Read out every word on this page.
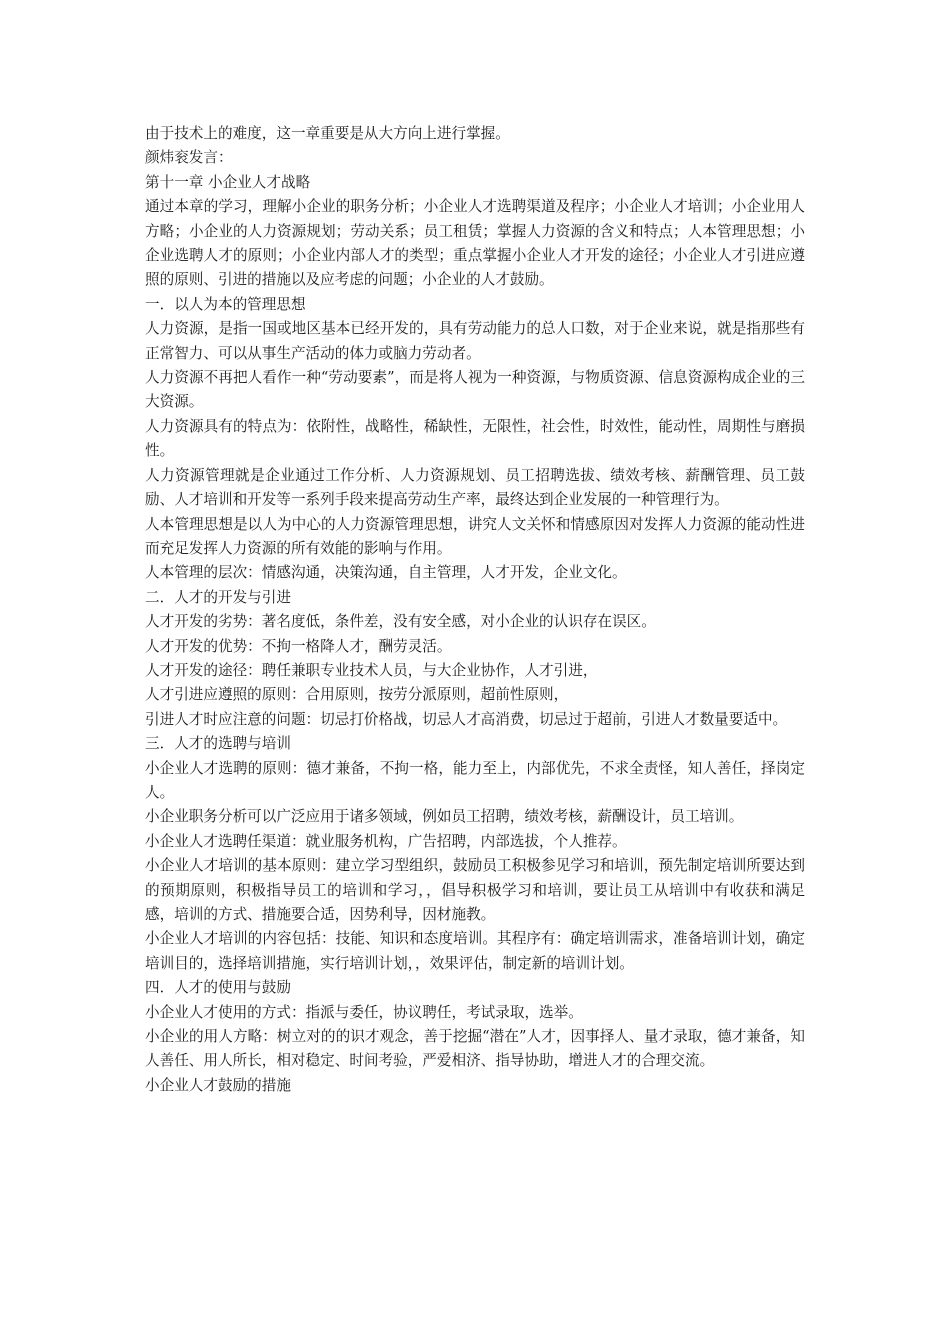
由于技术上的难度，这一章重要是从大方向上进行掌握。

颜炜衮发言：

第十一章 小企业人才战略

通过本章的学习，理解小企业的职务分析；小企业人才选聘渠道及程序；小企业人才培训；小企业用人方略；小企业的人力资源规划；劳动关系；员工租赁；掌握人力资源的含义和特点；人本管理思想；小企业选聘人才的原则；小企业内部人才的类型；重点掌握小企业人才开发的途径；小企业人才引进应遵照的原则、引进的措施以及应考虑的问题；小企业的人才鼓励。

一．以人为本的管理思想

人力资源，是指一国或地区基本已经开发的，具有劳动能力的总人口数，对于企业来说，就是指那些有正常智力、可以从事生产活动的体力或脑力劳动者。

人力资源不再把人看作一种“劳动要素”，而是将人视为一种资源，与物质资源、信息资源构成企业的三大资源。

人力资源具有的特点为：依附性，战略性，稀缺性，无限性，社会性，时效性，能动性，周期性与磨损性。

人力资源管理就是企业通过工作分析、人力资源规划、员工招聘选拔、绩效考核、薪酬管理、员工鼓励、人才培训和开发等一系列手段来提高劳动生产率，最终达到企业发展的一种管理行为。

人本管理思想是以人为中心的人力资源管理思想，讲究人文关怀和情感原因对发挥人力资源的能动性进而充足发挥人力资源的所有效能的影响与作用。

人本管理的层次：情感沟通，决策沟通，自主管理，人才开发，企业文化。

二．人才的开发与引进

人才开发的劣势：著名度低，条件差，没有安全感，对小企业的认识存在误区。

人才开发的优势：不拘一格降人才，酬劳灵活。

人才开发的途径：聘任兼职专业技术人员，与大企业协作，人才引进，

人才引进应遵照的原则：合用原则，按劳分派原则，超前性原则，

引进人才时应注意的问题：切忌打价格战，切忌人才高消费，切忌过于超前，引进人才数量要适中。

三．人才的选聘与培训

小企业人才选聘的原则：德才兼备，不拘一格，能力至上，内部优先，不求全责怪，知人善任，择岗定人。

小企业职务分析可以广泛应用于诸多领域，例如员工招聘，绩效考核，薪酬设计，员工培训。

小企业人才选聘任渠道：就业服务机构，广告招聘，内部选拔，个人推荐。

小企业人才培训的基本原则：建立学习型组织，鼓励员工积极参见学习和培训，预先制定培训所要达到的预期原则，积极指导员工的培训和学习，，倡导积极学习和培训，要让员工从培训中有收获和满足感，培训的方式、措施要合适，因势利导，因材施教。

小企业人才培训的内容包括：技能、知识和态度培训。其程序有：确定培训需求，准备培训计划，确定培训目的，选择培训措施，实行培训计划，，效果评估，制定新的培训计划。

四．人才的使用与鼓励

小企业人才使用的方式：指派与委任，协议聘任，考试录取，选举。

小企业的用人方略：树立对的的识才观念，善于挖掘“潜在”人才，因事择人、量才录取，德才兼备，知人善任、用人所长，相对稳定、时间考验，严爱相济、指导协助，增进人才的合理交流。

小企业人才鼓励的措施
